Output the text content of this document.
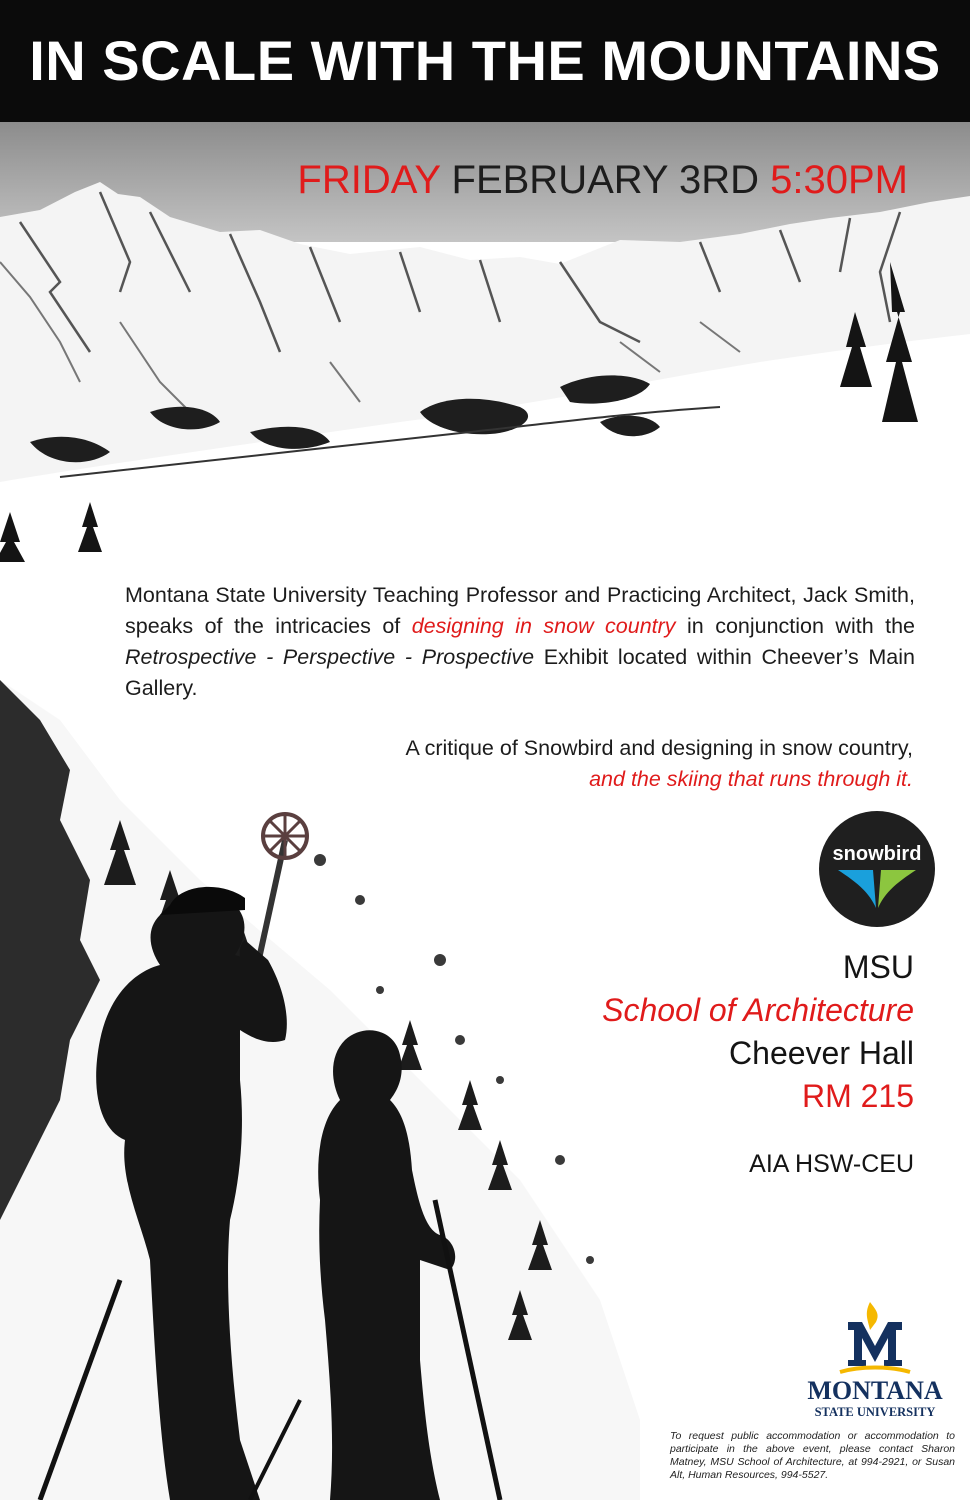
IN SCALE WITH THE MOUNTAINS
FRIDAY FEBRUARY 3RD 5:30PM
Montana State University Teaching Professor and Practicing Architect, Jack Smith, speaks of the intricacies of designing in snow country in conjunction with the Retrospective - Perspective - Prospective Exhibit located within Cheever’s Main Gallery.
A critique of Snowbird and designing in snow country,
and the skiing that runs through it.
snowbird
MSU
School of Architecture
Cheever Hall
RM 215
AIA HSW-CEU
MONTANA
STATE UNIVERSITY
To request public accommodation or accommodation to participate in the above event, please contact Sharon Matney, MSU School of Architecture, at 994-2921, or Susan Alt, Human Resources, 994-5527.
